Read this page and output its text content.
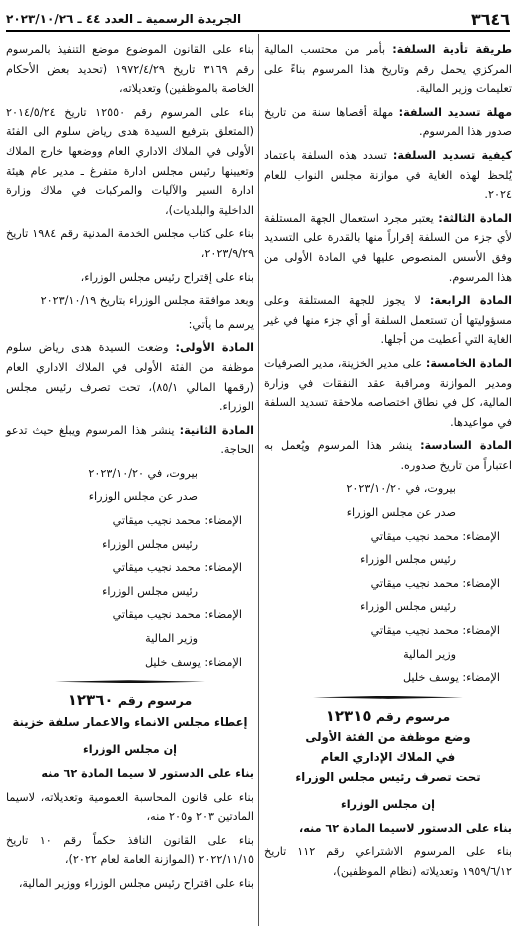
٣٦٤٦
الجريدة الرسمية ـ العدد ٤٤ ـ ٢٠٢٣/١٠/٢٦

طريقة تأدية السلفة: بأمر من محتسب المالية المركزي يحمل رقم وتاريخ هذا المرسوم بناءً على تعليمات وزير المالية.

مهلة تسديد السلفة: مهلة أقصاها سنة من تاريخ صدور هذا المرسوم.

كيفية تسديد السلفة: تسدد هذه السلفة باعتماد يُلحظ لهذه الغاية في موازنة مجلس النواب للعام ٢٠٢٤.

المادة الثالثة: يعتبر مجرد استعمال الجهة المستلفة لأي جزء من السلفة إقراراً منها بالقدرة على التسديد وفق الأسس المنصوص عليها في المادة الأولى من هذا المرسوم.

المادة الرابعة: لا يجوز للجهة المستلفة وعلى مسؤوليتها أن تستعمل السلفة أو أي جزء منها في غير الغاية التي أعطيت من أجلها.

المادة الخامسة: على مدير الخزينة، مدير الصرفيات ومدير الموازنة ومراقبة عقد النفقات في وزارة المالية، كل في نطاق اختصاصه ملاحقة تسديد السلفة في مواعيدها.

المادة السادسة: ينشر هذا المرسوم ويُعمل به اعتباراً من تاريخ صدوره.

بيروت، في ٢٠٢٣/١٠/٢٠

صدر عن مجلس الوزراء

الإمضاء: محمد نجيب ميقاتي

رئيس مجلس الوزراء

الإمضاء: محمد نجيب ميقاتي

رئيس مجلس الوزراء

الإمضاء: محمد نجيب ميقاتي

وزير المالية

الإمضاء: يوسف خليل

مرسوم رقم ١٢٣١٥
وضع موظفة من الفئة الأولى
في الملاك الإداري العام
تحت تصرف رئيس مجلس الوزراء

إن مجلس الوزراء

بناء على الدستور لاسيما المادة ٦٢ منه،

بناء على المرسوم الاشتراعي رقم ١١٢ تاريخ ١٩٥٩/٦/١٢ وتعديلاته (نظام الموظفين)،

بناء على القانون الموضوع موضع التنفيذ بالمرسوم رقم ٣١٦٩ تاريخ ١٩٧٢/٤/٢٩ (تحديد بعض الأحكام الخاصة بالموظفين) وتعديلاته،

بناء على المرسوم رقم ١٢٥٥٠ تاريخ ٢٠١٤/٥/٢٤ (المتعلق بترفيع السيدة هدى رياض سلوم الى الفئة الأولى في الملاك الاداري العام ووضعها خارج الملاك وتعيينها رئيس مجلس ادارة متفرغ ـ مدير عام هيئة ادارة السير والآليات والمركبات في ملاك وزارة الداخلية والبلديات)،

بناء على كتاب مجلس الخدمة المدنية رقم ١٩٨٤ تاريخ ٢٠٢٣/٩/٢٩،

بناء على إقتراح رئيس مجلس الوزراء،

وبعد موافقة مجلس الوزراء بتاريخ ٢٠٢٣/١٠/١٩

يرسم ما يأتي:

المادة الأولى: وضعت السيدة هدى رياض سلوم موظفة من الفئة الأولى في الملاك الاداري العام (رقمها المالي ٨٥/١)، تحت تصرف رئيس مجلس الوزراء.

المادة الثانية: ينشر هذا المرسوم ويبلغ حيث تدعو الحاجة.

بيروت، في ٢٠٢٣/١٠/٢٠

صدر عن مجلس الوزراء

الإمضاء: محمد نجيب ميقاتي

رئيس مجلس الوزراء

الإمضاء: محمد نجيب ميقاتي

رئيس مجلس الوزراء

الإمضاء: محمد نجيب ميقاتي

وزير المالية

الإمضاء: يوسف خليل

مرسوم رقم ١٢٣٦٠
إعطاء مجلس الانماء والاعمار سلفة خزينة

إن مجلس الوزراء

بناء على الدستور لا سيما المادة ٦٢ منه

بناء على قانون المحاسبة العمومية وتعديلاته، لاسيما المادتين ٢٠٣ و٢٠٥ منه،

بناء على القانون النافذ حكماً رقم ١٠ تاريخ ٢٠٢٢/١١/١٥ (الموازنة العامة لعام ٢٠٢٢)،

بناء على اقتراح رئيس مجلس الوزراء ووزير المالية،
